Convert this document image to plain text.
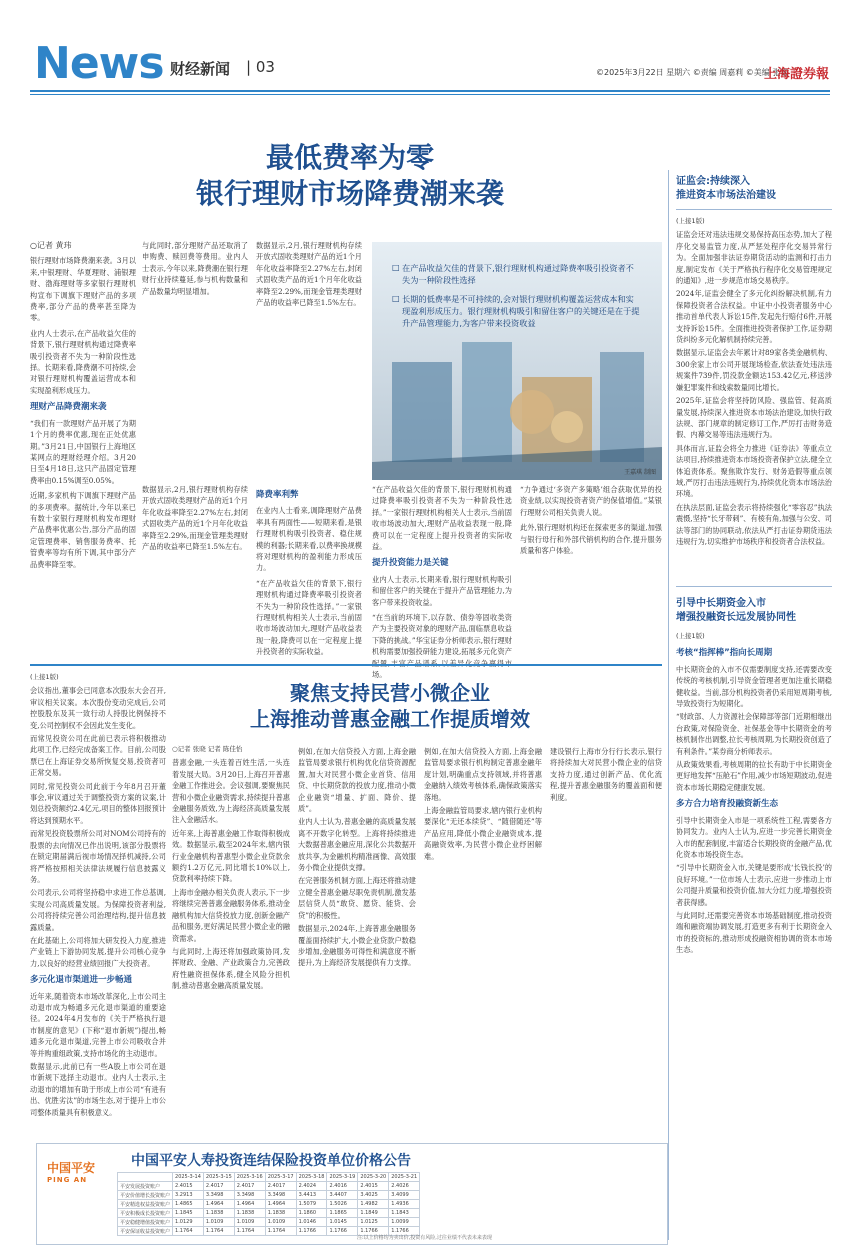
News 财经新闻 | 03	©2025年3月22日 星期六 ©责编 周嘉莉 ©美编 张巍
上海證券報
最低费率为零
银行理财市场降费潮来袭
○记者 黄玮

银行理财市场降费潮来袭。3月以来,中银理财、华夏理财、浦银理财、渤海理财等多家银行理财机构宣布下调旗下理财产品的多项费率,部分产品的费率甚至降为零。

业内人士表示,在产品收益欠佳的背景下,银行理财机构通过降费率吸引投资者不失为一种阶段性选择。长期来看,降费潮不可持续,会对银行理财机构覆盖运营成本和实现盈利形成压力。

理财产品降费潮来袭

“我们有一款理财产品开展了为期1个月的费率优惠,现在正处优惠期。”3月21日,中国银行上海地区某网点的理财经理介绍。3月20日至4月18日,这只产品固定管理费率由0.15%调至0.05%。

近期,多家机构下调旗下理财产品的多项费率。据统计,今年以来已有数十家银行理财机构发布理财产品费率优惠公告,部分产品的固定管理费率、销售服务费率、托管费率等均有所下调,其中部分产品费率降至零。

与此同时,部分理财产品还取消了申购费、赎回费等费用。业内人士表示,今年以来,降费潮在银行理财行业持续蔓延,参与机构数量和产品数量均明显增加。

数据显示,2月,银行理财机构存续开放式固收类理财产品的近1个月年化收益率降至2.27%左右,封闭式固收类产品的近1个月年化收益率降至2.29%,而现金管理类理财产品的收益率已降至1.5%左右。

数据显示,2月,银行理财机构存续开放式固收类理财产品的近1个月年化收益率降至2.27%左右,封闭式固收类产品的近1个月年化收益率降至2.29%,而现金管理类理财产品的收益率已降至1.5%左右。

降费率利弊

在业内人士看来,调降理财产品费率具有两面性——短期来看,是银行理财机构吸引投资者、稳住规模的利器;长期来看,以费率换规模将对理财机构的盈利能力形成压力。

“在产品收益欠佳的背景下,银行理财机构通过降费率吸引投资者不失为一种阶段性选择。”一家银行理财机构相关人士表示,当前固收市场波动加大,理财产品收益表现一般,降费可以在一定程度上提升投资者的实际收益。

“在产品收益欠佳的背景下,银行理财机构通过降费率吸引投资者不失为一种阶段性选择。”一家银行理财机构相关人士表示,当前固收市场波动加大,理财产品收益表现一般,降费可以在一定程度上提升投资者的实际收益。

提升投资能力是关键

业内人士表示,长期来看,银行理财机构吸引和留住客户的关键在于提升产品管理能力,为客户带来投资收益。

“在当前的环境下,以存款、债券等固收类资产为主要投资对象的理财产品,面临票息收益下降的挑战。”华宝证券分析师表示,银行理财机构需要加强投研能力建设,拓展多元化资产 场。

“力争通过‘多资产多策略’组合获取优异的投资业绩,以实现投资者资产的保值增值。”某银行理财公司相关负责人说。

此外,银行理财机构还在探索更多的渠道,加强与银行母行和外部代销机构的合作,提升服务质量和客户体验。

王嘉琪 制图
□ 在产品收益欠佳的背景下,银行理财机构通过降费率吸引投资者不失为一种阶段性选择
□ 长期的低费率是不可持续的,会对银行理财机构覆盖运营成本和实现盈利形成压力。银行理财机构吸引和留住客户的关键还是在于提升产品管理能力,为客户带来投资收益
证监会:持续深入
推进资本市场法治建设
(上接1版)

证监会还对违法违规交易保持高压态势,加大了程序化交易监管力度,从严惩处程序化交易异常行为。全面加强非法证券期货活动的监测和打击力度,制定发布《关于严格执行程序化交易管理规定的通知》,进一步规范市场交易秩序。

2024年,证监会健全了多元化纠纷解决机制,有力保障投资者合法权益。中证中小投资者服务中心推动首单代表人诉讼15件,发起先行赔付6件,开展支持诉讼15件。全面推进投资者保护工作,证券期货纠纷多元化解机制持续完善。

数据显示,证监会去年累计对89家各类金融机构、300余家上市公司开展现场检查,依法查处违法违规案件739件,罚没款金额达153.42亿元,移送涉嫌犯罪案件和线索数量同比增长。

2025年,证监会将坚持防风险、强监管、促高质量发展,持续深入推进资本市场法治建设,加快行政法规、部门规章的制定修订工作,严厉打击财务造假、内幕交易等违法违规行为。

具体而言,证监会将全力推进《证券法》等重点立法项目,持续推进资本市场投资者保护立法,健全立体追责体系。聚焦欺诈发行、财务造假等重点领域,严厉打击违法违规行为,持续优化资本市场法治环境。

在执法层面,证监会表示将持续强化“零容忍”执法震慑,坚持“长牙带刺”、有棱有角,加强与公安、司法等部门的协同联动,依法从严打击证券期货违法违规行为,切实维护市场秩序和投资者合法权益。

引导中长期资金入市
增强投融资长远发展协同性
(上接1版)
考核“指挥棒”指向长周期

中长期资金的入市不仅需要制度支持,还需要改变传统的考核机制,引导资金管理者更加注重长期稳健收益。当前,部分机构投资者仍采用短周期考核,导致投资行为短期化。

“财政部、人力资源社会保障部等部门近期相继出台政策,对保险资金、社保基金等中长期资金的考核机制作出调整,拉长考核周期,为长期投资创造了有利条件。”某券商分析师表示。

从政策效果看,考核周期的拉长有助于中长期资金更好地发挥“压舱石”作用,减少市场短期波动,促进资本市场长期稳定健康发展。

多方合力培育投融资新生态

引导中长期资金入市是一项系统性工程,需要各方协同发力。业内人士认为,应进一步完善长期资金入市的配套制度,丰富适合长期投资的金融产品,优化资本市场投资生态。

“引导中长期资金入市,关键是要形成‘长钱长投’的良好环境。”一位市场人士表示,应进一步推动上市公司提升质量和投资价值,加大分红力度,增强投资者获得感。

与此同时,还需要完善资本市场基础制度,推动投资端和融资端协调发展,打造更多有利于长期资金入市的投资标的,推动形成投融资相协调的资本市场生态。

(上接1版)

会议指出,董事会已同意本次股东大会召开,审议相关议案。本次股份变动完成后,公司控股股东及其一致行动人持股比例保持不变,公司控制权不会因此发生变化。

而常见投资公司在此前已表示将积极推动此项工作,已经完成备案工作。目前,公司股票已在上海证券交易所恢复交易,投资者可正常交易。

同时,常见投资公司此前于今年8月召开董事会,审议通过关于调整投资方案的议案,计划总投资额约2.4亿元,项目的整体回报预计将达到预期水平。

而常见投资股票所公司对NOM公司持有的股票的去向情况已作出说明,该部分股票将在锁定期届满后视市场情况择机减持,公司将严格按照相关法律法规履行信息披露义务。

公司表示,公司将坚持稳中求进工作总基调,实现公司高质量发展。为保障投资者利益,公司将持续完善公司治理结构,提升信息披露质量。

在此基础上,公司将加大研发投入力度,推进产业链上下游协同发展,提升公司核心竞争力,以良好的经营业绩回报广大投资者。

多元化退市渠道进一步畅通

近年来,随着资本市场改革深化,上市公司主动退市成为畅通多元化退市渠道的重要途径。2024年4月发布的《关于严格执行退市制度的意见》(下称“退市新规”)提出,畅通多元化退市渠道,完善上市公司吸收合并等并购重组政策,支持市场化的主动退市。

数据显示,此前已有一些A股上市公司在退市新规下选择主动退市。业内人士表示,主动退市的增加有助于形成上市公司“有进有出、优胜劣汰”的市场生态,对于提升上市公司整体质量具有积极意义。

聚焦支持民营小微企业
上海推动普惠金融工作提质增效
○记者 张晓 记者 陈佳怡

普惠金融,一头连着百姓生活,一头连着发展大局。3月20日,上海召开普惠金融工作推进会。会议强调,要聚焦民营和小微企业融资需求,持续提升普惠金融服务质效,为上海经济高质量发展注入金融活水。

近年来,上海普惠金融工作取得积极成效。数据显示,截至2024年末,辖内银行业金融机构普惠型小微企业贷款余额约1.2万亿元,同比增长10%以上,贷款利率持续下降。

上海市金融办相关负责人表示,下一步将继续完善普惠金融服务体系,推动金融机构加大信贷投放力度,创新金融产品和服务,更好满足民营小微企业的融资需求。

与此同时,上海还将加强政策协同,发挥财政、金融、产业政策合力,完善政府性融资担保体系,健全风险分担机制,推动普惠金融高质量发展。

例如,在加大信贷投入方面,上海金融监管局要求银行机构优化信贷资源配置,加大对民营小微企业首贷、信用贷、中长期贷款的投放力度,推动小微企业融资“增量、扩面、降价、提质”。

业内人士认为,普惠金融的高质量发展离不开数字化转型。上海将持续推进大数据普惠金融应用,深化公共数据开放共享,为金融机构精准画像、高效服务小微企业提供支撑。

在完善服务机制方面,上海还将推动建立健全普惠金融尽职免责机制,激发基层信贷人员“敢贷、愿贷、能贷、会贷”的积极性。

数据显示,2024年,上海普惠金融服务覆盖面持续扩大,小微企业贷款户数稳步增加,金融服务可得性和满意度不断提升,为上海经济发展提供有力支撑。

例如,在加大信贷投入方面,上海金融监管局要求银行机构制定普惠金融年度计划,明确重点支持领域,并将普惠金融纳入绩效考核体系,确保政策落实落地。

上海金融监管局要求,辖内银行业机构要深化“无还本续贷”、“随借随还”等产品应用,降低小微企业融资成本,提高融资效率,为民营小微企业纾困解难。

建设银行上海市分行行长表示,银行将持续加大对民营小微企业的信贷支持力度,通过创新产品、优化流程,提升普惠金融服务的覆盖面和便利度。

中国平安
PING AN
中国平安人寿投资连结保险投资单位价格公告
	2025-3-14	2025-3-15	2025-3-16	2025-3-17	2025-3-18	2025-3-19	2025-3-20	2025-3-21
平安发展投资账户	2.4015	2.4017	2.4017	2.4017	2.4024	2.4016	2.4015	2.4026
平安价值增长投资账户	3.2913	3.3498	3.3498	3.3498	3.4413	3.4407	3.4025	3.4099
平安精选权益投资账户	1.4865	1.4964	1.4964	1.4964	1.5079	1.5026	1.4982	1.4936
平安积极成长投资账户	1.1845	1.1838	1.1838	1.1838	1.1860	1.1865	1.1849	1.1843
平安稳健增值投资账户	1.0129	1.0109	1.0109	1.0109	1.0146	1.0145	1.0125	1.0099
平安保证收益投资账户	1.1764	1.1764	1.1764	1.1764	1.1766	1.1766	1.1766	1.1766
注:以上价格均为卖出价,投资有风险,过往业绩不代表未来表现
